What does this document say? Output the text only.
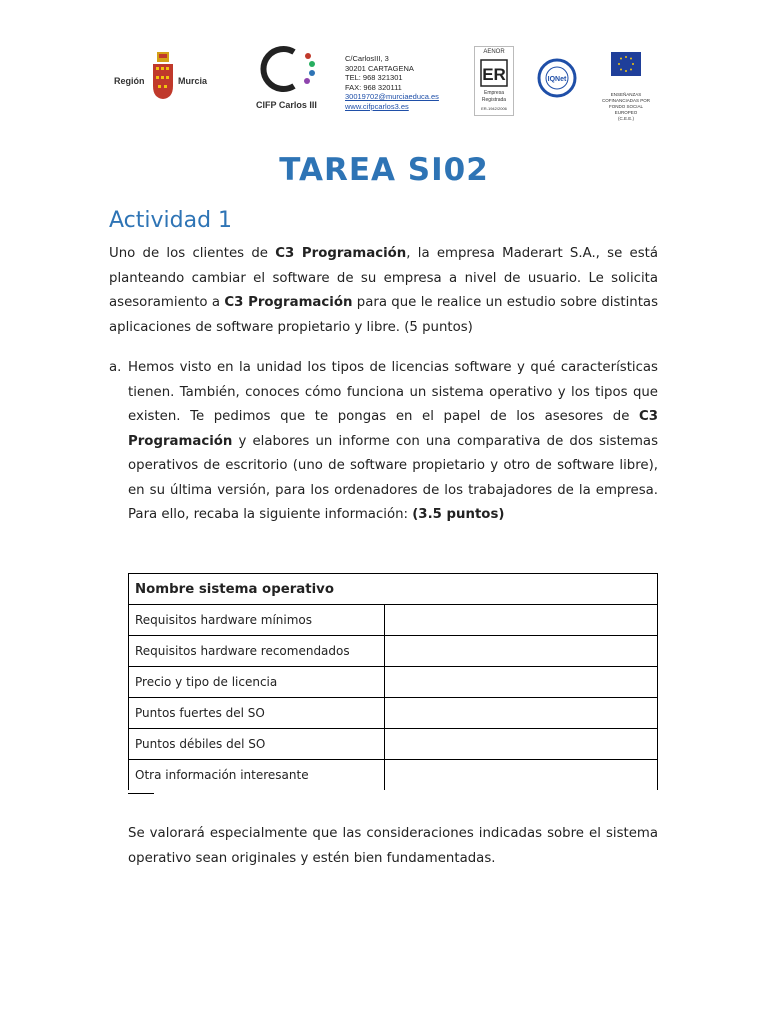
Región	Murcia
CIFP Carlos III
C/CarlosIII, 3
30201 CARTAGENA
TEL: 968 321301
FAX: 968 320111
30019702@murciaeduca.es
www.cifpcarlos3.es
AENOR
ER
Empresa
Registrada
ER-1942/2006
IQNet
ENSEÑANZAS
COFINANCIADAS POR
FONDO SOCIAL
EUROPEO
(C.E.E.)
TAREA SI02
Actividad 1
Uno de los clientes de C3 Programación, la empresa Maderart S.A., se está planteando cambiar el software de su empresa a nivel de usuario. Le solicita asesoramiento a C3 Programación para que le realice un estudio sobre distintas aplicaciones de software propietario y libre. (5 puntos)
a. Hemos visto en la unidad los tipos de licencias software y qué características tienen. También, conoces cómo funciona un sistema operativo y los tipos que existen. Te pedimos que te pongas en el papel de los asesores de C3 Programación y elabores un informe con una comparativa de dos sistemas operativos de escritorio (uno de software propietario y otro de software libre), en su última versión, para los ordenadores de los trabajadores de la empresa. Para ello, recaba la siguiente información: (3.5 puntos)
Nombre sistema operativo	
Requisitos hardware mínimos	
Requisitos hardware recomendados	
Precio y tipo de licencia	
Puntos fuertes del SO	
Puntos débiles del SO	
Otra información interesante	
Se valorará especialmente que las consideraciones indicadas sobre el sistema operativo sean originales y estén bien fundamentadas.
